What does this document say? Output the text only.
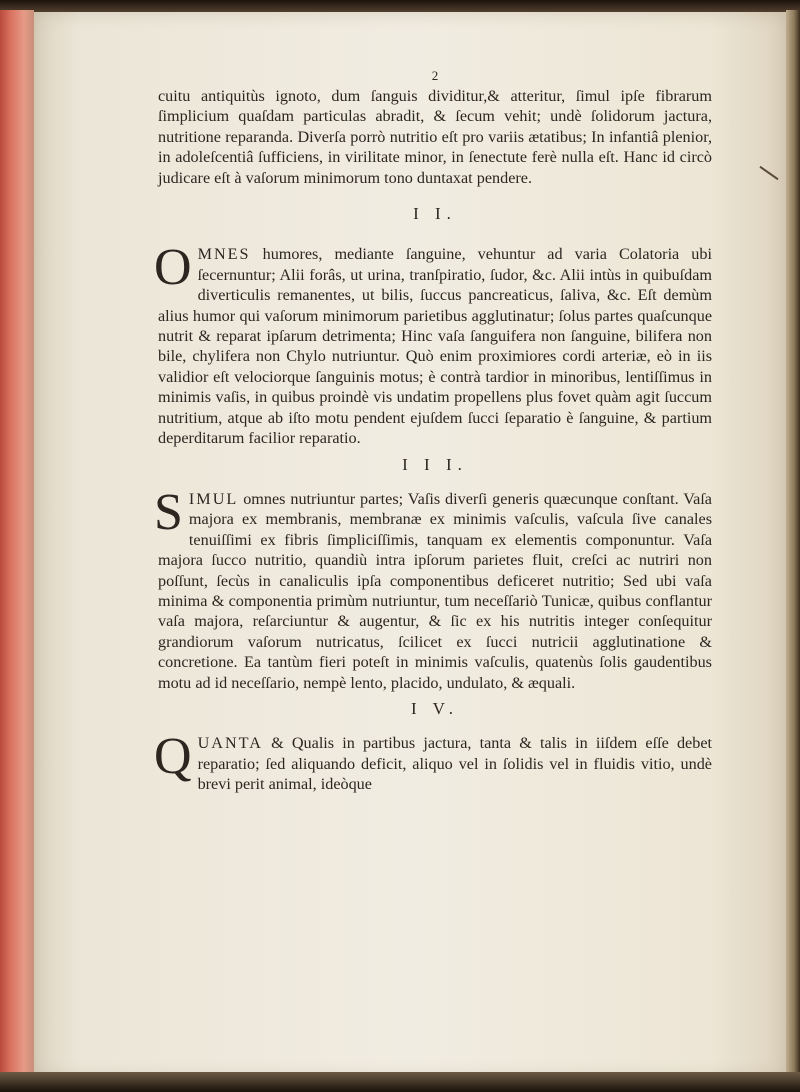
2

cuitu antiquitùs ignoto, dum ſanguis dividitur,& atteritur, ſimul ipſe fibrarum ſimplicium quaſdam particulas abradit, & ſecum vehit; undè ſolidorum jactura, nutritione reparanda. Diverſa porrò nutritio eſt pro variis ætatibus; In infantiâ plenior, in adoleſcentiâ ſufficiens, in virilitate minor, in ſenectute ferè nulla eſt. Hanc id circò judicare eſt à vaſorum minimorum tono duntaxat pendere.

I I.
O MNES humores, mediante ſanguine, vehuntur ad varia Colatoria ubi ſecernuntur; Alii forâs, ut urina, tranſpiratio, ſudor, &c. Alii intùs in quibuſdam diverticulis remanentes, ut bilis, ſuccus pancreaticus, ſaliva, &c. Eſt demùm alius humor qui vaſorum minimorum parietibus agglutinatur; ſolus partes quaſcunque nutrit & reparat ipſarum detrimenta; Hinc vaſa ſanguifera non ſanguine, bilifera non bile, chylifera non Chylo nutriuntur. Quò enim proximiores cordi arteriæ, eò in iis validior eſt velociorque ſanguinis motus; è contrà tardior in minoribus, lentiſſimus in minimis vaſis, in quibus proindè vis undatim propellens plus fovet quàm agit ſuccum nutritium, atque ab iſto motu pendent ejuſdem ſucci ſeparatio è ſanguine, & partium deperditarum facilior reparatio.
I I I.
S IMUL omnes nutriuntur partes; Vaſis diverſi generis quæcunque conſtant. Vaſa majora ex membranis, membranæ ex minimis vaſculis, vaſcula ſive canales tenuiſſimi ex fibris ſimpliciſſimis, tanquam ex elementis componuntur. Vaſa majora ſucco nutritio, quandiù intra ipſorum parietes fluit, creſci ac nutriri non poſſunt, ſecùs in canaliculis ipſa componentibus deficeret nutritio; Sed ubi vaſa minima & componentia primùm nutriuntur, tum neceſſariò Tunicæ, quibus conflantur vaſa majora, reſarciuntur & augentur, & ſic ex his nutritis integer conſequitur grandiorum vaſorum nutricatus, ſcilicet ex ſucci nutricii agglutinatione & concretione. Ea tantùm fieri poteſt in minimis vaſculis, quatenùs ſolis gaudentibus motu ad id neceſſario, nempè lento, placido, undulato, & æquali.
I V.
Q UANTA & Qualis in partibus jactura, tanta & talis in iiſdem eſſe debet reparatio; ſed aliquando deficit, aliquo vel in ſolidis vel in fluidis vitio, undè brevi perit animal, ideòque
